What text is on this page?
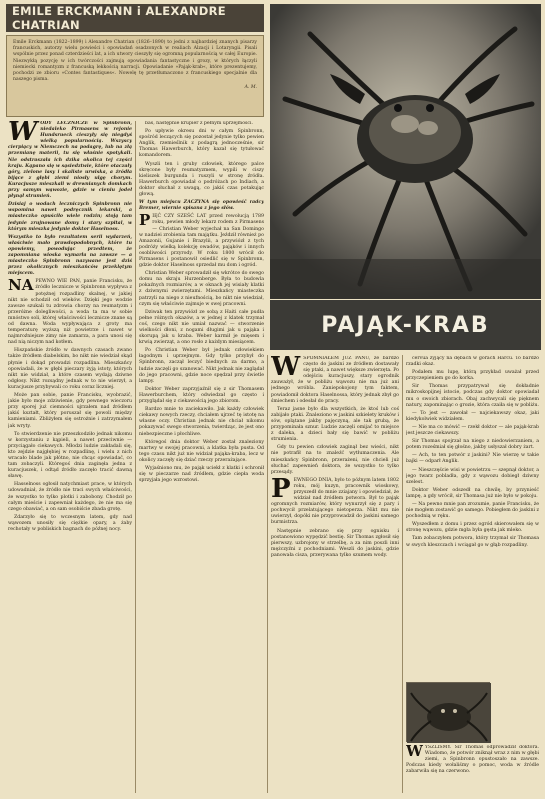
EMILE ERCKMANN i ALEXANDRE CHATRIAN
Emile Erckmann (1822–1899) i Alexandre Chatrian (1826–1890) to jedni z najbardziej znanych pisarzy francuskich, autorzy wielu powieści i opowiadań osadzonych w realiach Alzacji i Lotaryngii. Pisali wspólnie przez ponad czterdzieści lat, a ich utwory cieszyły się ogromną popularnością w całej Europie. Niezwykłą pozycję w ich twórczości zajmują opowiadania fantastyczne i grozy, w których łączyli niemiecki romantyzm z francuską lekkością narracji. Opowiadanie »Pająk-krab«, które prezentujemy, pochodzi ze zbioru »Contes fantastiques«. Nowelę tę przetłumaczono z francuskiego specjalnie dla naszego pisma.
A. M.
PAJĄK-KRAB

WODY LECZNICZE w Spinbronn, niedaleko Pirmasens w rejonie Hundsrueck cieszyły się niegdyś wielką popularnością. Wszyscy cierpiący w Niemczech na podagrę, lub na złą przemianę materii, tu się właśnie spotykali. Nie odstraszała ich dzika okolica tej części kraju. Kąpano się w sąsiedztwie, które otaczały góry, zielone lasy i skaliste urwiska, a źródła bijące z głębi ziemi niosły ulgę chorym. Kuracjusze mieszkali w drewnianych domkach przy samym wąwozie, gdzie w cieniu jodeł płynął strumień.

Dzisiaj o wodach leczniczych Spinbronn nie wspomina nawet podręcznik lekarski, a miasteczko opuściło wiele rodzin; stoją tam jedynie zrujnowane domy i stary szpital, w którym mieszka jedynie doktor Haselnoss.

Wszystko to było rezultatem serii wydarzeń, właściwie mało prawdopodobnych, które tu opowiemy, powodując przedtem, że zapomniana wioska wymarła na zawsze — a miasteczko Spinbronn nazywane jest dziś przez okolicznych mieszkańców przeklętym miejscem.

NA PEWNO WIE PAN, panie Francisku, że źródło lecznicze w Spinbronn wypływa z potężnej rozpadliny skalnej, w jakiej nikt nie schodził od wieków. Dzięki jego wodzie zawsze szukali tu zdrowia chorzy na reumatyzm i przeróżne dolegliwości, a woda ta ma w sobie mnóstwo soli, której właściwości lecznicze znane są od dawna. Woda wypływająca z groty ma temperaturę wyższą niż powietrze i nawet w najmroźniejsze zimy nie zamarza, a para unosi się nad nią niczym nad kotłem.

Hiszpańskie źródło w dawnych czasach zwano także źródłem diabelskim, bo nikt nie wiedział skąd płynie i dokąd prowadzi rozpadlina. Mieszkańcy opowiadali, że w głębi pieczary żyją istoty, których nikt nie widział, a które czasem wydają dziwne odgłosy. Nikt rozsądny jednak w to nie wierzył, a kuracjusze przybywali co roku coraz liczniej.

Może pan sobie, panie Francisku, wyobrazić, jakie było moje zdziwienie, gdy pewnego wieczoru przy sporej już ciemności ujrzałem nad źródłem jakiś kształt, który poruszał się powoli między kamieniami. Zbliżyłem się ostrożnie i zatrzymałem jak wryty.

To stwierdzenie nie przeszkodziło jednak nikomu w korzystaniu z kąpieli, a nawet przeciwnie — przyciągało ciekawych. Młodzi ludzie zakładali się, kto zejdzie najgłębiej w rozpadlinę, i wielu z nich wracało blade jak płótno, nie chcąc opowiadać, co tam zobaczyli. Któregoś dnia zaginęła jedna z kuracjuszek, i odtąd źródło zaczęło tracić dawną sławę.

Hasselnoss ogłosił natychmiast prace, w których udowadniał, że źródło nie traci swych właściwości, że wszystko to tylko plotki i zabobony. Chodził po całym mieście i zapewniał każdego, że nie ma się czego obawiać, a on sam osobiście zbada grotę.

Zdarzyło się to wczesnym latem, gdy nad wąwozem unosiły się ciężkie opary, a żaby rechotały w pobliskich bagnach do późnej nocy.

bas, następnie krupier z pełnym uprzejmości.

Po upływie okresu dni w całym Spinbronn, spośród leczących się pozostał jedynie tylko pewien Anglik, rzemieślnik z podagrą jednocześnie, sir Thomas Hawerburch, który kazał się tytułować komandorem.

Wyszli ten i gruby człowiek, którego palce skręcone były reumatyzmem, wypili w ciszy kieliszek burgunda i ruszyli w stronę źródła. Hawerburch opowiadał o podróżach po Indiach, a doktor słuchał z uwagą, co jakiś czas potakując głową.

W tym miejscu ZACZYNA się opowieść radcy Bremer, wiernie spisana z jego słów.

PIĘĆ CZY SZEŚĆ LAT przed rewolucją 1789 roku, pewien młody lekarz rodem z Pirmasens — Christian Weber wyjechał na San Domingo w nadziei zrobienia tam majątku. Jeździł również po Amazonii, Gujanie i Brazylii, a przywiózł z tych podróży wielką kolekcję owadów, pająków i innych osobliwości przyrody. W roku 1800 wrócił do Pirmasens i postanowił osiedlić się w Spinbronn, gdzie doktor Haselnoss sprzedał mu dom i ogród.

Christian Weber sprowadził się wkrótce do swego domu na skraju Hurzenberge. Była to budowla pokaźnych rozmiarów, a w oknach jej wisiały klatki z dziwnymi zwierzętami. Mieszkańcy miasteczka patrzyli na niego z nieufnością, bo nikt nie wiedział, czym się właściwie zajmuje w swej pracowni.

Dziwak ten przywiózł ze sobą z Haiti całe pudła pełne różnych okazów, a w jednej z klatek trzymał coś, czego nikt nie umiał nazwać — stworzenie wielkości dłoni, z nogami długimi jak u pająka i skorupą jak u kraba. Weber karmił je mięsem i krwią zwierząt, a ono rosło z każdym miesiącem.

Po Christian Weber był jednak człowiekiem łagodnym i uprzejmym. Gdy tylko przybył do Spinbronn, zaczął leczyć biednych za darmo, a ludzie zaczęli go szanować. Nikt jednak nie zaglądał do jego pracowni, gdzie noce spędzał przy świetle lampy.

Doktor Weber zaprzyjaźnił się z sir Thomasem Hawerburchem, który odwiedzał go często i przyglądał się z ciekawością jego zbiorom.

Bardzo mnie to zaciekawiło. Jak każdy człowiek ciekawy nowych rzeczy, chciałem ujrzeć tę istotę na własne oczy. Christian jednak nie chciał nikomu pokazywać swego stworzenia, twierdząc, że jest ono niebezpieczne i płochliwe.

Któregoś dnia doktor Weber został znaleziony martwy w swojej pracowni, a klatka była pusta. Od tego czasu nikt już nie widział pająka-kraba, lecz w okolicy zaczęły się dziać rzeczy przerażające.

Wyjaśniono mu, że pająk uciekł z klatki i schronił się w pieczarze nad źródłem, gdzie ciepła woda sprzyjała jego wzrostowi.

WSPOMNIAŁEM JUŻ PANU, że bardzo często do jaskini ze źródłem dostawały się ptaki, a nawet większe zwierzęta. Po odejściu kuracjuszy, stary ogrodnik zauważył, że w pobliżu wąwozu nie ma już ani jednego wróbla. Zaniepokojony tym faktem, powiadomił doktora Haselnossa, który jednak zbył go śmiechem i odesłał do pracy.

Teraz jasne było dla wszystkich, że ktoś lub coś zabijało ptaki. Znaleziono w jaskini szkielety kruków i sów, oplątane jakby pajęczyną, ale tak grubą, że przypominała sznur. Ludzie zaczęli omijać to miejsce z daleka, a dzieci bały się bawić w pobliżu strumienia.

Gdy tu pewien człowiek zaginął bez wieści, nikt nie potrafił na to znaleźć wytłumaczenia. Ale mieszkańcy Spinbronn, przerażeni, nie chcieli już słuchać zapewnień doktora, że wszystko to tylko przesądy.

PEWNEGO DNIA, było to późnym latem 1802 roku, mój kuzyn, pracownik wioskowy, przyszedł do mnie zziajany i opowiedział, że widział nad źródłem potwora. Był to pająk ogromnych rozmiarów, który wynurzył się z pary i pochwycił przelatującego nietoperza. Nikt mu nie uwierzył, dopóki nie przyprowadził do jaskini samego burmistrza.

Następnie zebrano się przy ognisku i postanowiono wypędzić bestię. Sir Thomas zgłosił się pierwszy, uzbrojony w strzelbę, a za nim poszli inni mężczyźni z pochodniami. Weszli do jaskini, gdzie panowała cisza, przerywana tylko szumem wody.

cervua zyjący na dębach w górach Harcu. To bardzo rzadki okaz.

Podałem mu lupę, którą przykład uważał przed przyczepieniem go do korka.

Sir Thomas przypatrywał się dokładnie mikroskopijnej istocie, podczas gdy doktor opowiadał mu o swoich zbiorach. Obaj zachwycali się pięknem natury, zapominając o grozie, która czaiła się w pobliżu.

— To jest — zawołał — najciekawszy okaz, jaki kiedykolwiek widziałem.

— Nie ma co mówić — rzekł doktor — ale pająk-krab jest jeszcze ciekawszy.

Sir Thomas spojrzał na niego z niedowierzaniem, a potem roześmiał się głośno, jakby usłyszał dobry żart.

— Ach, to ten potwór z jaskini? Nie wierzę w takie bajki — odparł Anglik.

— Nieszczęście wisi w powietrzu — szepnął doktor, a jego twarz pobladła, gdy z wąwozu dobiegł dziwny szelest.

Doktor Weber odszedł na chwilę, by przynieść lampę, a gdy wrócił, sir Thomasa już nie było w pokoju.

— Na pewno mnie pan zrozumie, panie Francisku, że nie mogłem zostawić go samego. Pobiegłem do jaskini z pochodnią w ręku.

Wyszedłem z domu i przez ogród skierowałem się w stronę wąwozu, gdzie mgła była gęsta jak mleko.

Tam zobaczyłem potwora, który trzymał sir Thomasa w swych kleszczach i wciągał go w głąb rozpadliny.

WYSZLIŚMY. Sir Thomas odprowadził doktora. Wiadomo, że potwór zniknął wraz z nim w głębi ziemi, a Spinbronn opustoszało na zawsze. Podczas kiedy wołaliśmy o pomoc, woda w źródle zabarwiła się na czerwono.
